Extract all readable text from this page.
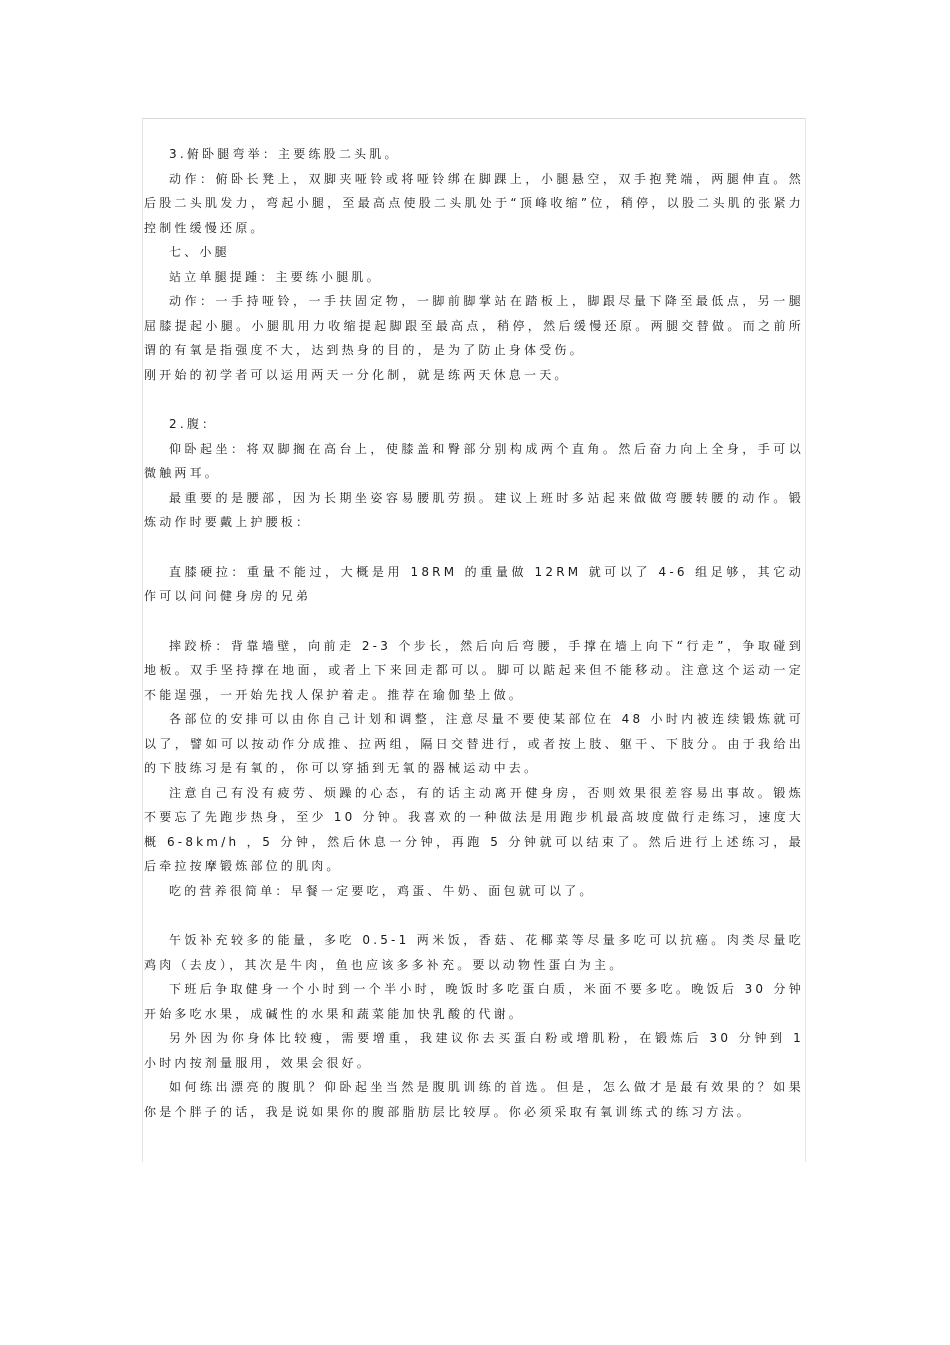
3.俯卧腿弯举：主要练股二头肌。

动作：俯卧长凳上，双脚夹哑铃或将哑铃绑在脚踝上，小腿悬空，双手抱凳端，两腿伸直。然后股二头肌发力，弯起小腿，至最高点使股二头肌处于“顶峰收缩”位，稍停，以股二头肌的张紧力控制性缓慢还原。

七、小腿

站立单腿提踵：主要练小腿肌。

动作：一手持哑铃，一手扶固定物，一脚前脚掌站在踏板上，脚跟尽量下降至最低点，另一腿屈膝提起小腿。小腿肌用力收缩提起脚跟至最高点，稍停，然后缓慢还原。两腿交替做。而之前所谓的有氧是指强度不大，达到热身的目的，是为了防止身体受伤。

刚开始的初学者可以运用两天一分化制，就是练两天休息一天。

2.腹：

仰卧起坐：将双脚搁在高台上，使膝盖和臀部分别构成两个直角。然后奋力向上全身，手可以微触两耳。

最重要的是腰部，因为长期坐姿容易腰肌劳损。建议上班时多站起来做做弯腰转腰的动作。锻炼动作时要戴上护腰板：

直膝硬拉：重量不能过，大概是用 18RM 的重量做 12RM 就可以了 4-6 组足够，其它动作可以问问健身房的兄弟

摔跤桥：背靠墙壁，向前走 2-3 个步长，然后向后弯腰，手撑在墙上向下“行走”，争取碰到地板。双手坚持撑在地面，或者上下来回走都可以。脚可以踮起来但不能移动。注意这个运动一定不能逞强，一开始先找人保护着走。推荐在瑜伽垫上做。

各部位的安排可以由你自己计划和调整，注意尽量不要使某部位在 48 小时内被连续锻炼就可以了，譬如可以按动作分成推、拉两组，隔日交替进行，或者按上肢、躯干、下肢分。由于我给出的下肢练习是有氧的，你可以穿插到无氧的器械运动中去。

注意自己有没有疲劳、烦躁的心态，有的话主动离开健身房，否则效果很差容易出事故。锻炼不要忘了先跑步热身，至少 10 分钟。我喜欢的一种做法是用跑步机最高坡度做行走练习，速度大概 6-8km/h ，5 分钟，然后休息一分钟，再跑 5 分钟就可以结束了。然后进行上述练习，最后牵拉按摩锻炼部位的肌肉。

吃的营养很简单：早餐一定要吃，鸡蛋、牛奶、面包就可以了。

午饭补充较多的能量，多吃 0.5-1 两米饭，香菇、花椰菜等尽量多吃可以抗癌。肉类尽量吃鸡肉（去皮），其次是牛肉，鱼也应该多多补充。要以动物性蛋白为主。

下班后争取健身一个小时到一个半小时，晚饭时多吃蛋白质，米面不要多吃。晚饭后 30 分钟开始多吃水果，成碱性的水果和蔬菜能加快乳酸的代谢。

另外因为你身体比较瘦，需要增重，我建议你去买蛋白粉或增肌粉，在锻炼后 30 分钟到 1 小时内按剂量服用，效果会很好。

如何练出漂亮的腹肌？仰卧起坐当然是腹肌训练的首选。但是，怎么做才是最有效果的？如果你是个胖子的话，我是说如果你的腹部脂肪层比较厚。你必须采取有氧训练式的练习方法。
